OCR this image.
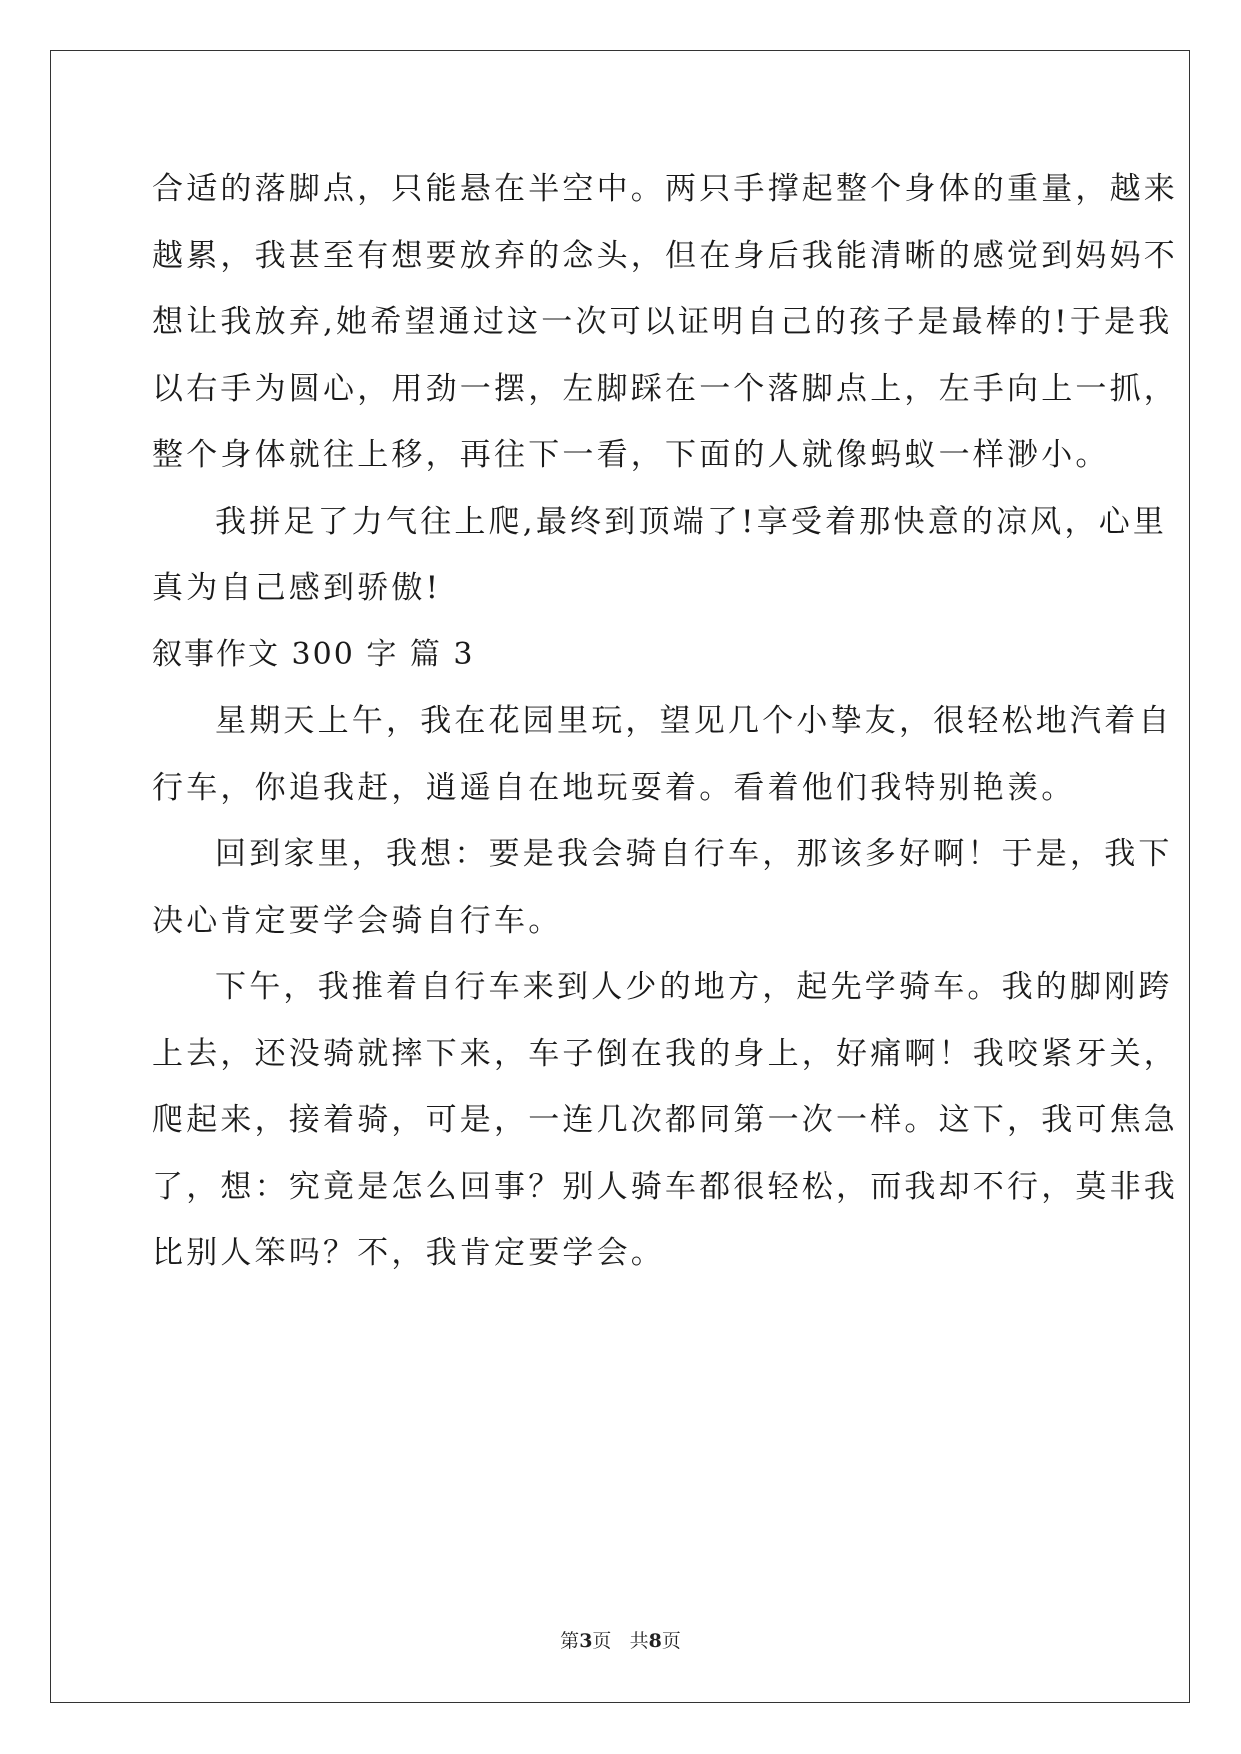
合适的落脚点，只能悬在半空中。两只手撑起整个身体的重量，越来
越累，我甚至有想要放弃的念头，但在身后我能清晰的感觉到妈妈不
想让我放弃,她希望通过这一次可以证明自己的孩子是最棒的!于是我
以右手为圆心，用劲一摆，左脚踩在一个落脚点上，左手向上一抓，
整个身体就往上移，再往下一看，下面的人就像蚂蚁一样渺小。
我拼足了力气往上爬,最终到顶端了!享受着那快意的凉风，心里
真为自己感到骄傲!
叙事作文 300 字 篇 3
星期天上午，我在花园里玩，望见几个小挚友，很轻松地汽着自
行车，你追我赶，逍遥自在地玩耍着。看着他们我特别艳羡。
回到家里，我想：要是我会骑自行车，那该多好啊！于是，我下
决心肯定要学会骑自行车。
下午，我推着自行车来到人少的地方，起先学骑车。我的脚刚跨
上去，还没骑就摔下来，车子倒在我的身上，好痛啊！我咬紧牙关，
爬起来，接着骑，可是，一连几次都同第一次一样。这下，我可焦急
了，想：究竟是怎么回事？别人骑车都很轻松，而我却不行，莫非我
比别人笨吗？不，我肯定要学会。
第3页 共8页
